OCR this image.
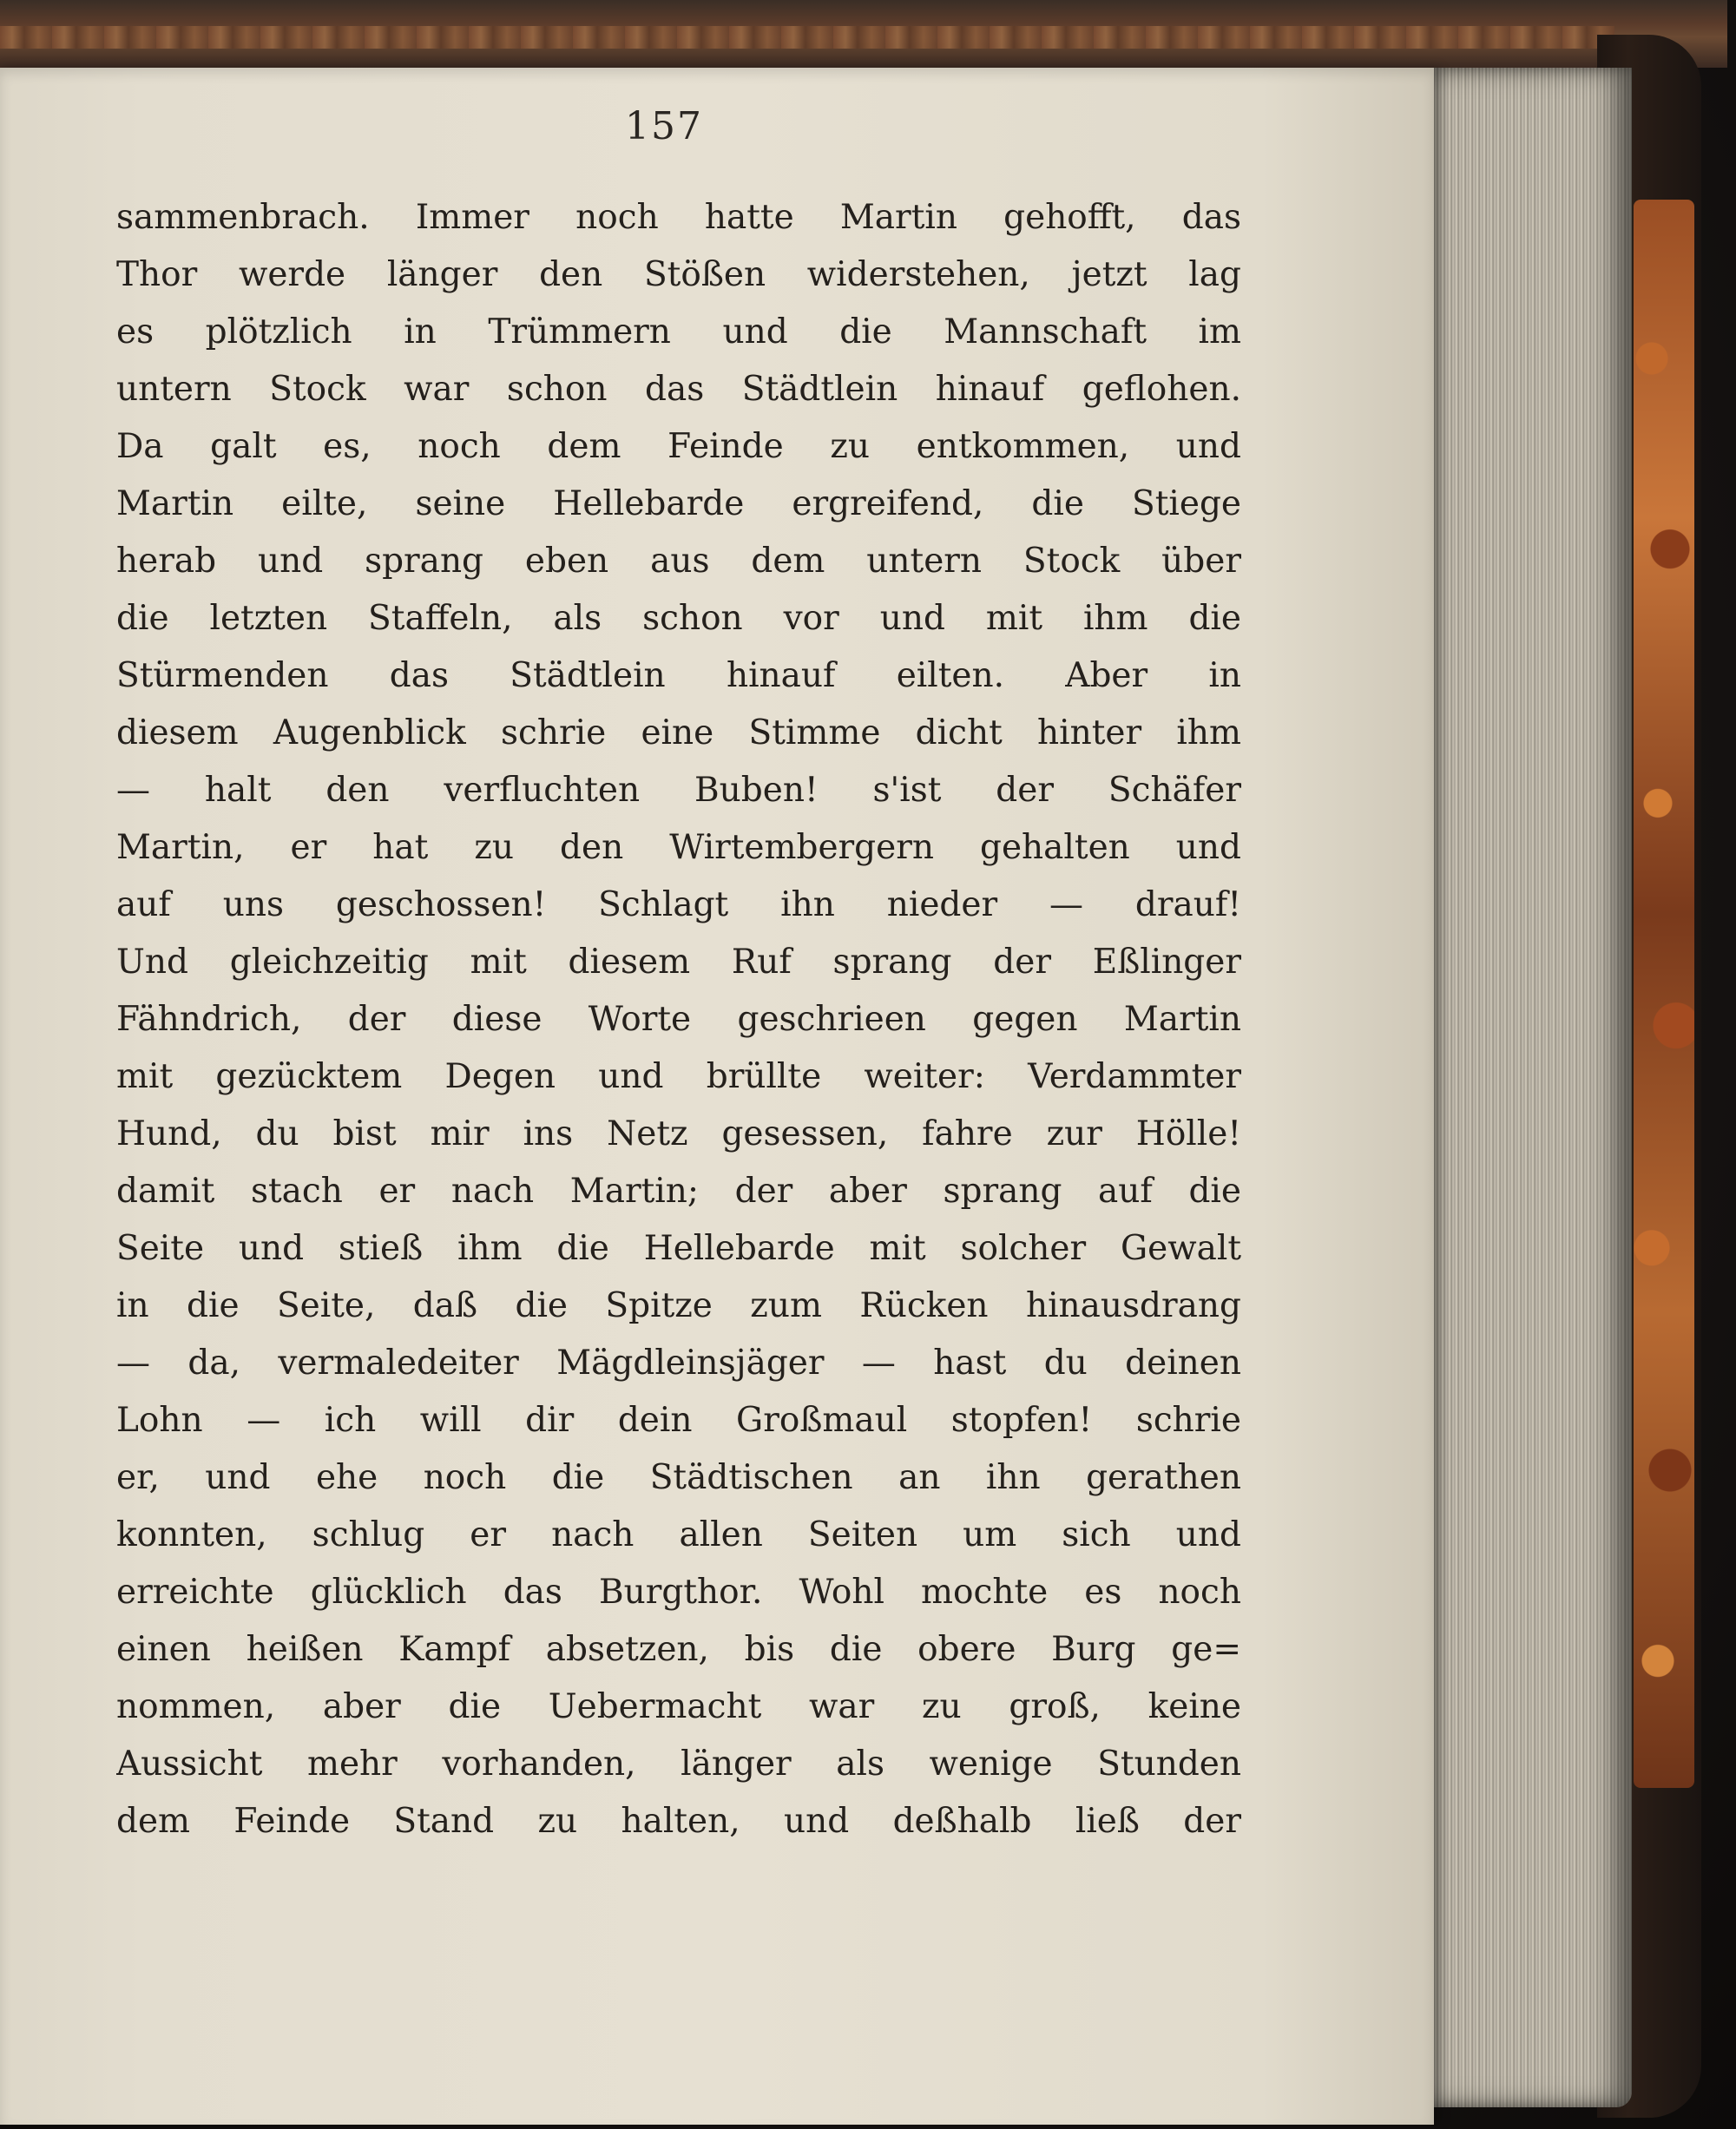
157
sammenbrach. Immer noch hatte Martin gehofft, das
Thor werde länger den Stößen widerstehen, jetzt lag
es plötzlich in Trümmern und die Mannschaft im
untern Stock war schon das Städtlein hinauf geflohen.
Da galt es, noch dem Feinde zu entkommen, und
Martin eilte, seine Hellebarde ergreifend, die Stiege
herab und sprang eben aus dem untern Stock über
die letzten Staffeln, als schon vor und mit ihm die
Stürmenden das Städtlein hinauf eilten. Aber in
diesem Augenblick schrie eine Stimme dicht hinter ihm
— halt den verfluchten Buben! s'ist der Schäfer
Martin, er hat zu den Wirtembergern gehalten und
auf uns geschossen! Schlagt ihn nieder — drauf!
Und gleichzeitig mit diesem Ruf sprang der Eßlinger
Fähndrich, der diese Worte geschrieen gegen Martin
mit gezücktem Degen und brüllte weiter: Verdammter
Hund, du bist mir ins Netz gesessen, fahre zur Hölle!
damit stach er nach Martin; der aber sprang auf die
Seite und stieß ihm die Hellebarde mit solcher Gewalt
in die Seite, daß die Spitze zum Rücken hinausdrang
— da, vermaledeiter Mägdleinsjäger — hast du deinen
Lohn — ich will dir dein Großmaul stopfen! schrie
er, und ehe noch die Städtischen an ihn gerathen
konnten, schlug er nach allen Seiten um sich und
erreichte glücklich das Burgthor. Wohl mochte es noch
einen heißen Kampf absetzen, bis die obere Burg ge=
nommen, aber die Uebermacht war zu groß, keine
Aussicht mehr vorhanden, länger als wenige Stunden
dem Feinde Stand zu halten, und deßhalb ließ der
